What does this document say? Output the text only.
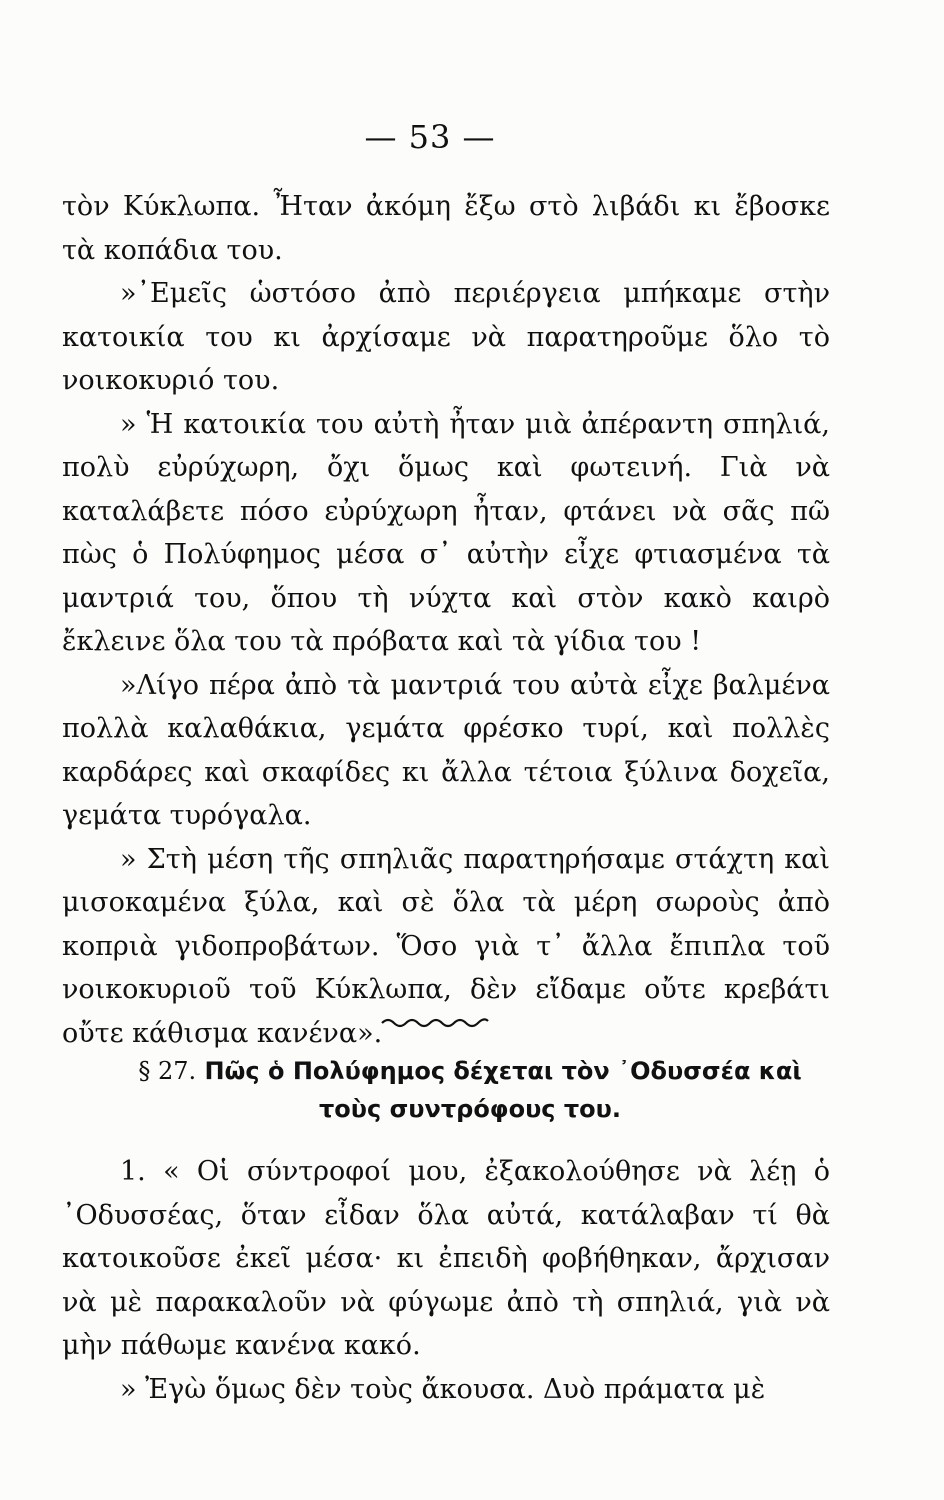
— 53 —

τὸν Κύκλωπα. Ἦταν ἀκόμη ἔξω στὸ λιβάδι κι ἔβοσκε τὰ κοπάδια του.

»᾿Εμεῖς ὡστόσο ἀπὸ περιέργεια μπήκαμε στὴν κατοικία του κι ἀρχίσαμε νὰ παρατηροῦμε ὅλο τὸ νοικοκυριό του.

» Ἡ κατοικία του αὐτὴ ἦταν μιὰ ἀπέραντη σπηλιά, πολὺ εὐρύχωρη, ὄχι ὅμως καὶ φωτεινή. Γιὰ νὰ καταλάβετε πόσο εὐρύχωρη ἦταν, φτάνει νὰ σᾶς πῶ πὼς ὁ Πολύφημος μέσα σ᾿ αὐτὴν εἶχε φτιασμένα τὰ μαντριά του, ὅπου τὴ νύχτα καὶ στὸν κακὸ καιρὸ ἔκλεινε ὅλα του τὰ πρόβατα καὶ τὰ γίδια του !

»Λίγο πέρα ἀπὸ τὰ μαντριά του αὐτὰ εἶχε βαλμένα πολλὰ καλαθάκια, γεμάτα φρέσκο τυρί, καὶ πολλὲς καρδάρες καὶ σκαφίδες κι ἄλλα τέτοια ξύλινα δοχεῖα, γεμάτα τυρόγαλα.

» Στὴ μέση τῆς σπηλιᾶς παρατηρήσαμε στάχτη καὶ μισοκαμένα ξύλα, καὶ σὲ ὅλα τὰ μέρη σωροὺς ἀπὸ κοπριὰ γιδοπροβάτων. Ὅσο γιὰ τ᾿ ἄλλα ἔπιπλα τοῦ νοικοκυριοῦ τοῦ Κύκλωπα, δὲν εἴδαμε οὔτε κρεβάτι οὔτε κάθισμα κανένα».

§ 27. Πῶς ὁ Πολύφημος δέχεται τὸν ᾿Οδυσσέα καὶ τοὺς συντρόφους του.

1. « Οἱ σύντροφοί μου, ἐξακολούθησε νὰ λέῃ ὁ ᾿Οδυσσέας, ὅταν εἶδαν ὅλα αὐτά, κατάλαβαν τί θὰ κατοικοῦσε ἐκεῖ μέσα· κι ἐπειδὴ φοβήθηκαν, ἄρχισαν νὰ μὲ παρακαλοῦν νὰ φύγωμε ἀπὸ τὴ σπηλιά, γιὰ νὰ μὴν πάθωμε κανένα κακό.

» Ἐγὼ ὅμως δὲν τοὺς ἄκουσα. Δυὸ πράματα μὲ
